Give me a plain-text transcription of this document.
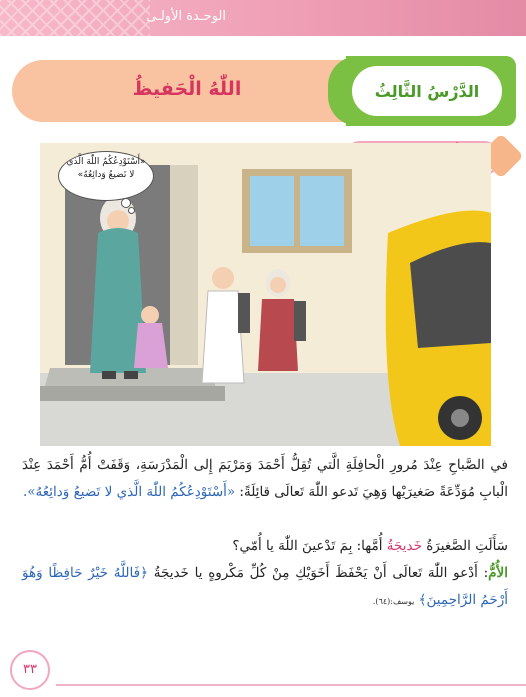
الوحـدة الأولـى
اللّٰهُ الْحَفيظُ	الدَّرْسُ الثَّالِثُ
«أَسْتَوْدِعُكُمُ اللّٰهَ الَّذي
لا تَضيعُ وَدائِعُهُ»
في الصَّباحِ عِنْدَ مُرورِ الْحافِلَةِ الَّتي تُقِلُّ أَحْمَدَ وَمَرْيَمَ إِلى الْمَدْرَسَةِ، وَقَفَتْ أُمُّ أَحْمَدَ عِنْدَ الْبابِ مُوَدِّعَةً صَغيرَيْها وَهِيَ تَدعو اللّٰهَ تَعالَى قائِلَةً: «أَسْتَوْدِعُكُمُ اللّٰهَ الَّذي لا تَضيعُ وَدائِعُهُ».
سَأَلَتِ الصَّغيرَةُ خَديجَةُ أُمَّها: بِمَ تَدْعينَ اللّٰهَ يا أُمّي؟
الأُمُّ: أَدْعو اللّٰهَ تَعالَى أَنْ يَحْفَظَ أَخَوَيْكِ مِنْ كُلِّ مَكْروهٍ يا خَديجَةُ ﴿فَاللَّهُ خَيْرٌ حَافِظًا وَهُوَ أَرْحَمُ الرَّاحِمِينَ﴾ يوسف:(٦٤).
٣٣
